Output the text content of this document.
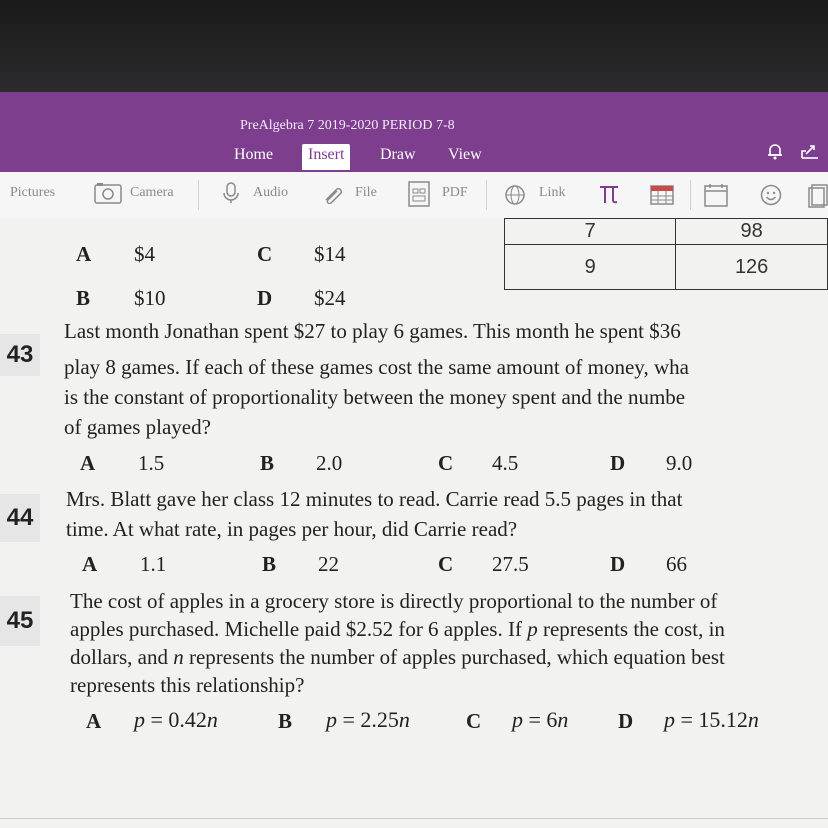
PreAlgebra 7 2019-2020 PERIOD 7-8
Home	Insert	Draw	View
Pictures	Camera	Audio	File	PDF	Link
7	98
9	126
A $4	C $14
B $10	D $24
43
Last month Jonathan spent $27 to play 6 games. This month he spent $36
play 8 games. If each of these games cost the same amount of money, wha
is the constant of proportionality between the money spent and the numbe
of games played?
A 1.5	B 2.0	C 4.5	D 9.0
44
Mrs. Blatt gave her class 12 minutes to read. Carrie read 5.5 pages in that
time. At what rate, in pages per hour, did Carrie read?
A 1.1	B 22	C 27.5	D 66
45
The cost of apples in a grocery store is directly proportional to the number of
apples purchased. Michelle paid $2.52 for 6 apples. If p represents the cost, in
dollars, and n represents the number of apples purchased, which equation best
represents this relationship?
A p = 0.42n	B p = 2.25n	C p = 6n D p = 15.12n
